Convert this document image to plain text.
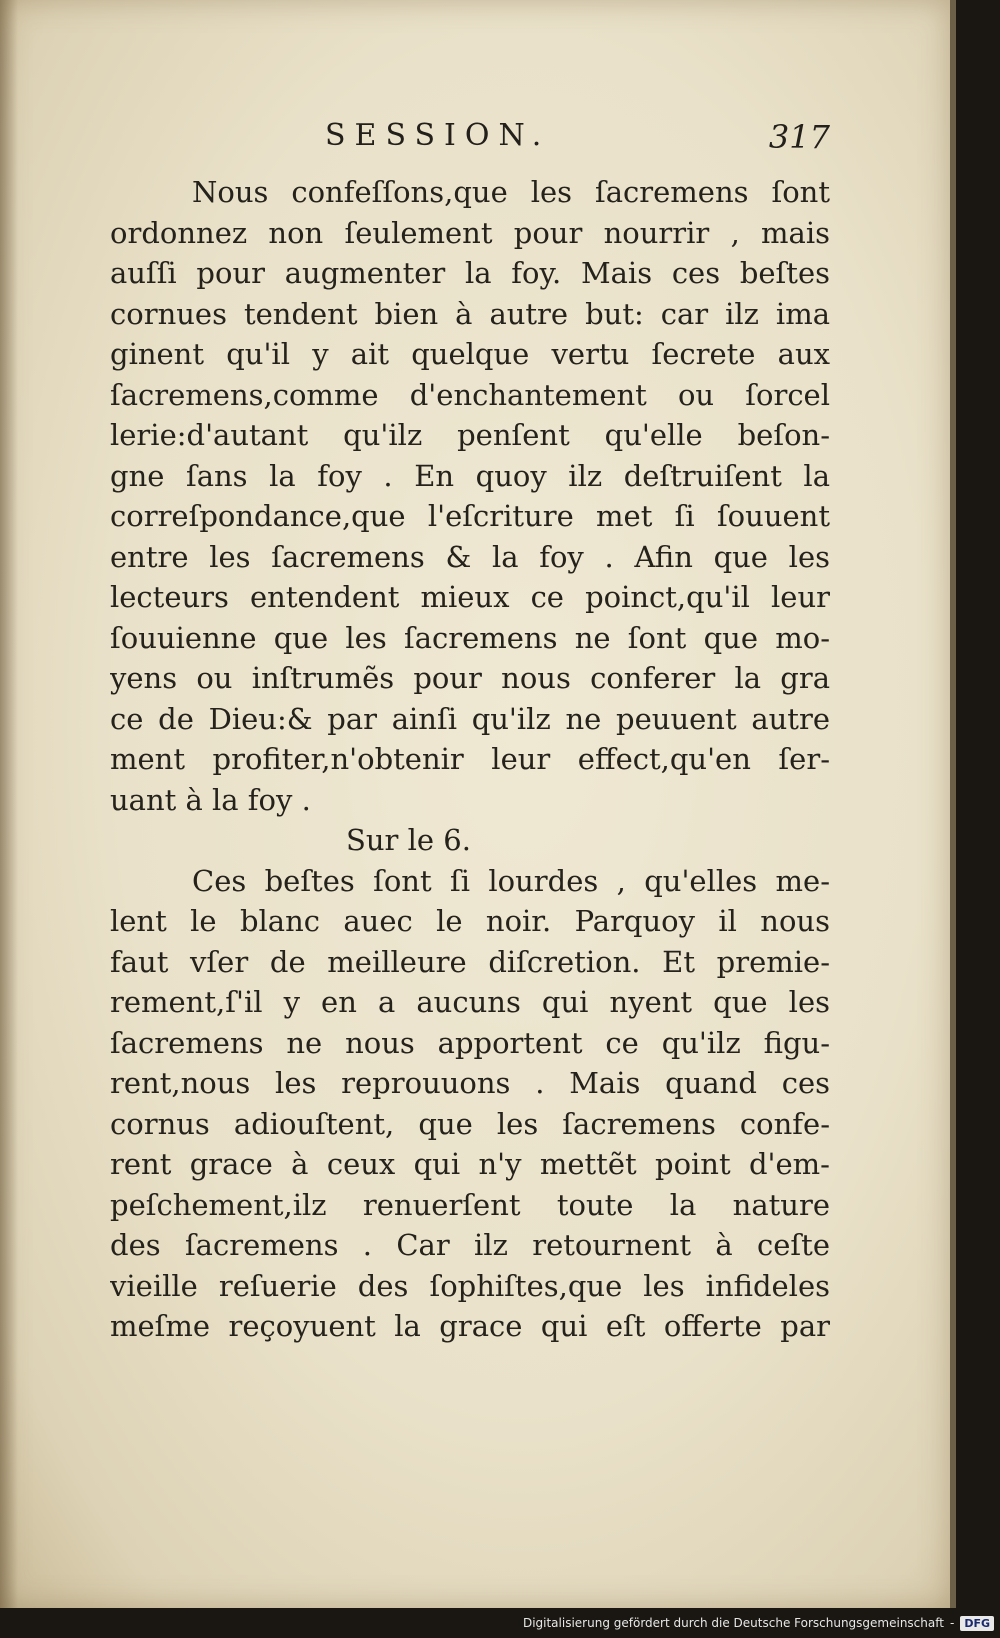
SESSION.	317
Nous confeſſons,que les ſacremens ſont
ordonnez non ſeulement pour nourrir , mais
auſſi pour augmenter la foy. Mais ces beſtes
cornues tendent bien à autre but: car ilz ima
ginent qu'il y ait quelque vertu ſecrete aux
ſacremens,comme d'enchantement ou ſorcel
lerie:d'autant qu'ilz penſent qu'elle beſon-
gne ſans la foy . En quoy ilz deſtruiſent la
correſpondance,que l'eſcriture met ſi ſouuent
entre les ſacremens & la foy . Afin que les
lecteurs entendent mieux ce poinct,qu'il leur
ſouuienne que les ſacremens ne ſont que mo-
yens ou inſtrumẽs pour nous conferer la gra
ce de Dieu:& par ainſi qu'ilz ne peuuent autre
ment profiter,n'obtenir leur effect,qu'en ſer-
uant à la foy .
Sur le 6.
Ces beſtes ſont ſi lourdes , qu'elles me-
lent le blanc auec le noir. Parquoy il nous
faut vſer de meilleure diſcretion. Et premie-
rement,ſ'il y en a aucuns qui nyent que les
ſacremens ne nous apportent ce qu'ilz figu-
rent,nous les reprouuons . Mais quand ces
cornus adiouſtent, que les ſacremens confe-
rent grace à ceux qui n'y mettẽt point d'em-
peſchement,ilz renuerſent toute la nature
des ſacremens . Car ilz retournent à ceſte
vieille reſuerie des ſophiſtes,que les infideles
meſme reçoyuent la grace qui eſt offerte par
Digitalisierung gefördert durch die Deutsche Forschungsgemeinschaft - DFG
